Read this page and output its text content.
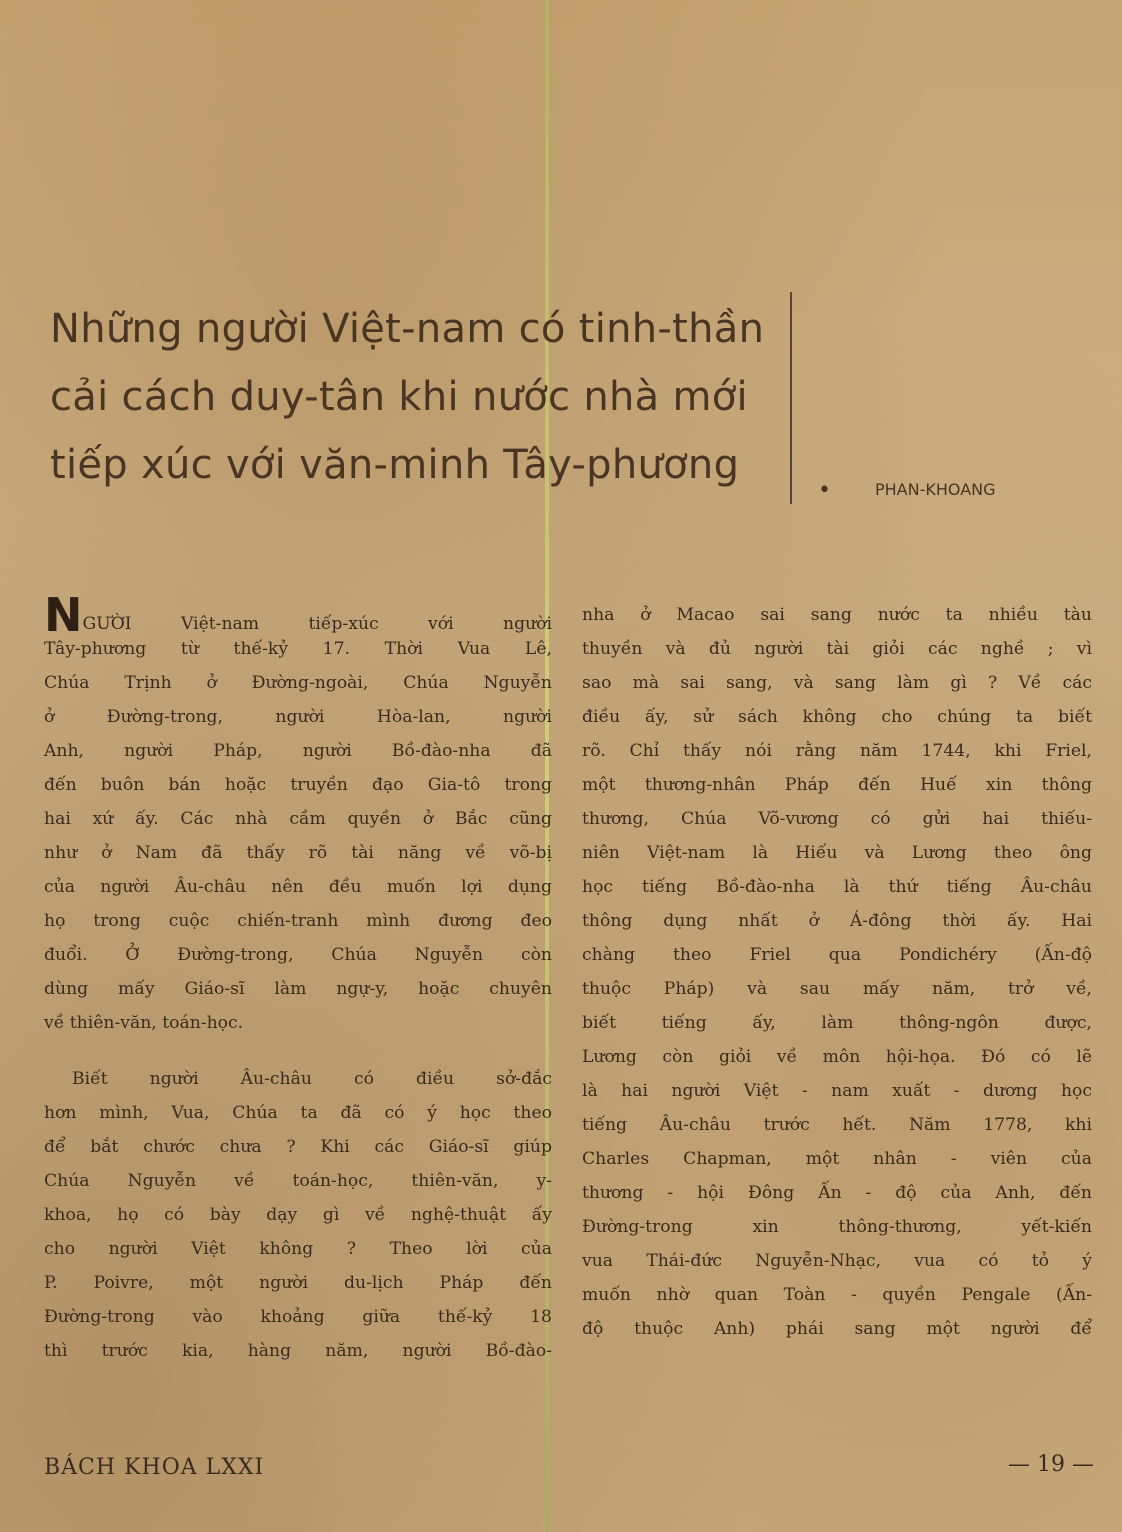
Những người Việt-nam có tinh-thần
cải cách duy-tân khi nước nhà mới
tiếp xúc với văn-minh Tây-phương
•	PHAN-KHOANG
NGƯỜI Việt-nam tiếp-xúc với người
Tây-phương từ thế-kỷ 17. Thời Vua Lê,
Chúa Trịnh ở Đường-ngoài, Chúa Nguyễn
ở Đường-trong, người Hòa-lan, người
Anh, người Pháp, người Bồ-đào-nha đã
đến buôn bán hoặc truyền đạo Gia-tô trong
hai xứ ấy. Các nhà cầm quyền ở Bắc cũng
như ở Nam đã thấy rõ tài năng về võ-bị
của người Âu-châu nên đều muốn lợi dụng
họ trong cuộc chiến-tranh mình đương đeo
đuổi. Ở Đường-trong, Chúa Nguyễn còn
dùng mấy Giáo-sĩ làm ngự-y, hoặc chuyên
về thiên-văn, toán-học.
Biết người Âu-châu có điều sở-đắc
hơn mình, Vua, Chúa ta đã có ý học theo
để bắt chước chưa ? Khi các Giáo-sĩ giúp
Chúa Nguyễn về toán-học, thiên-văn, y-
khoa, họ có bày dạy gì về nghệ-thuật ấy
cho người Việt không ? Theo lời của
P. Poivre, một người du-lịch Pháp đến
Đường-trong vào khoảng giữa thế-kỷ 18
thì trước kia, hàng năm, người Bồ-đào-
nha ở Macao sai sang nước ta nhiều tàu
thuyền và đủ người tài giỏi các nghề ; vì
sao mà sai sang, và sang làm gì ? Về các
điều ấy, sử sách không cho chúng ta biết
rõ. Chỉ thấy nói rằng năm 1744, khi Friel,
một thương-nhân Pháp đến Huế xin thông
thương, Chúa Võ-vương có gửi hai thiếu-
niên Việt-nam là Hiếu và Lương theo ông
học tiếng Bồ-đào-nha là thứ tiếng Âu-châu
thông dụng nhất ở Á-đông thời ấy. Hai
chàng theo Friel qua Pondichéry (Ấn-độ
thuộc Pháp) và sau mấy năm, trở về,
biết tiếng ấy, làm thông-ngôn được,
Lương còn giỏi về môn hội-họa. Đó có lẽ
là hai người Việt - nam xuất - dương học
tiếng Âu-châu trước hết. Năm 1778, khi
Charles Chapman, một nhân - viên của
thương - hội Đông Ấn - độ của Anh, đến
Đường-trong xin thông-thương, yết-kiến
vua Thái-đức Nguyễn-Nhạc, vua có tỏ ý
muốn nhờ quan Toàn - quyền Pengale (Ấn-
độ thuộc Anh) phái sang một người để
BÁCH KHOA LXXI	— 19 —
